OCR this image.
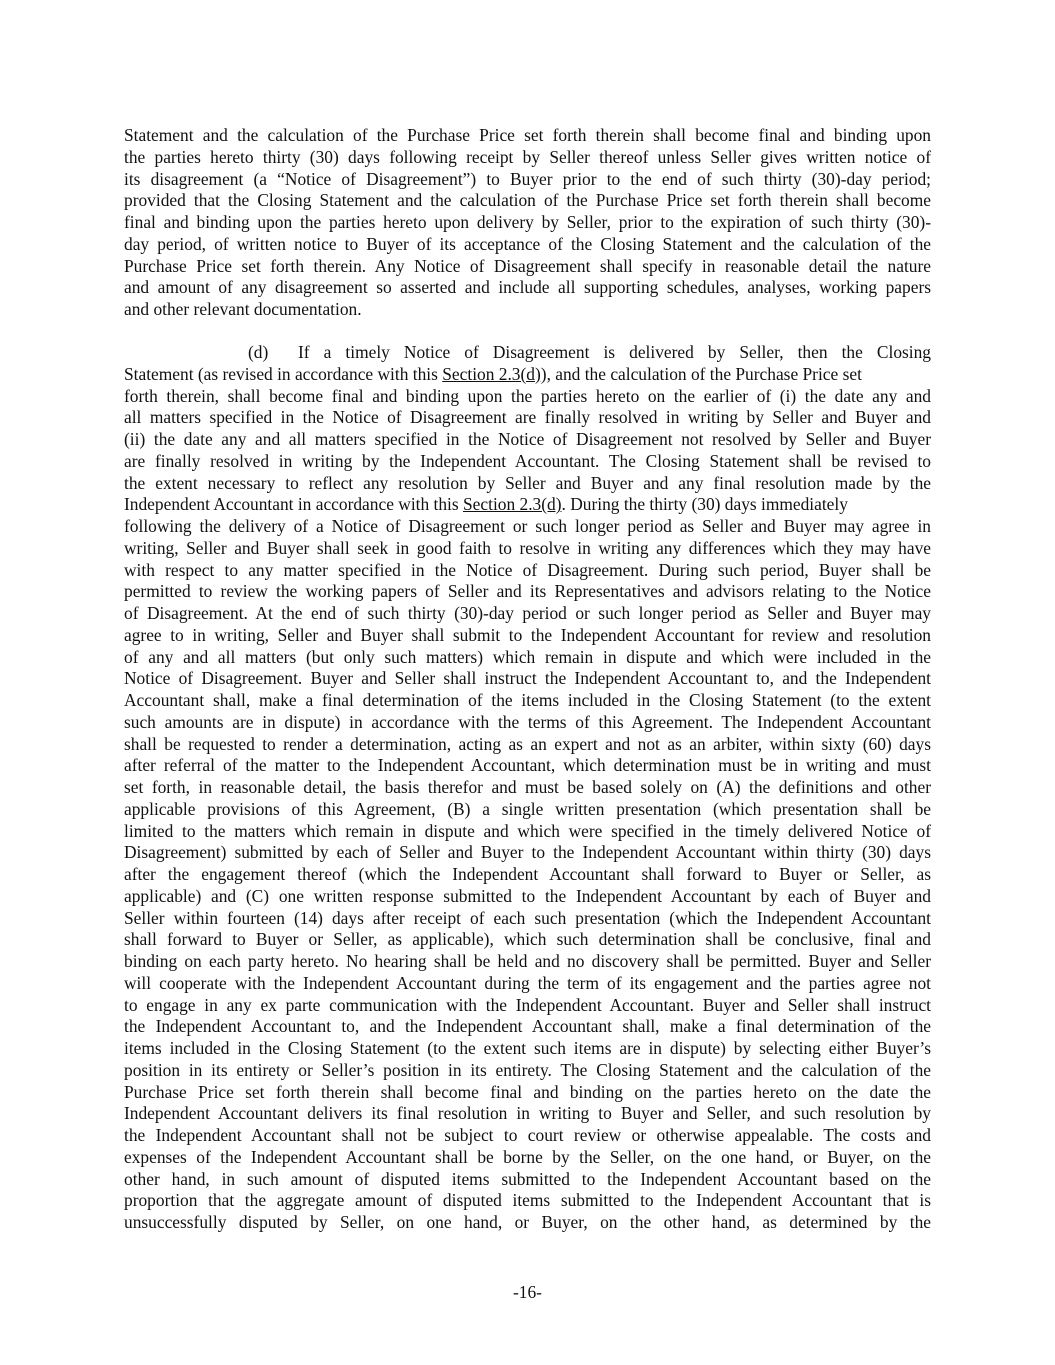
Statement and the calculation of the Purchase Price set forth therein shall become final and binding upon
the parties hereto thirty (30) days following receipt by Seller thereof unless Seller gives written notice of
its disagreement (a “Notice of Disagreement”) to Buyer prior to the end of such thirty (30)-day period;
provided that the Closing Statement and the calculation of the Purchase Price set forth therein shall become
final and binding upon the parties hereto upon delivery by Seller, prior to the expiration of such thirty (30)-
day period, of written notice to Buyer of its acceptance of the Closing Statement and the calculation of the
Purchase Price set forth therein. Any Notice of Disagreement shall specify in reasonable detail the nature
and amount of any disagreement so asserted and include all supporting schedules, analyses, working papers
and other relevant documentation.
(d)	If a timely Notice of Disagreement is delivered by Seller, then the Closing
Statement (as revised in accordance with this Section 2.3(d) ), and the calculation of the Purchase Price set
forth therein, shall become final and binding upon the parties hereto on the earlier of (i) the date any and
all matters specified in the Notice of Disagreement are finally resolved in writing by Seller and Buyer and
(ii) the date any and all matters specified in the Notice of Disagreement not resolved by Seller and Buyer
are finally resolved in writing by the Independent Accountant. The Closing Statement shall be revised to
the extent necessary to reflect any resolution by Seller and Buyer and any final resolution made by the
Independent Accountant in accordance with this Section 2.3(d) . During the thirty (30) days immediately
following the delivery of a Notice of Disagreement or such longer period as Seller and Buyer may agree in
writing, Seller and Buyer shall seek in good faith to resolve in writing any differences which they may have
with respect to any matter specified in the Notice of Disagreement. During such period, Buyer shall be
permitted to review the working papers of Seller and its Representatives and advisors relating to the Notice
of Disagreement. At the end of such thirty (30)-day period or such longer period as Seller and Buyer may
agree to in writing, Seller and Buyer shall submit to the Independent Accountant for review and resolution
of any and all matters (but only such matters) which remain in dispute and which were included in the
Notice of Disagreement. Buyer and Seller shall instruct the Independent Accountant to, and the Independent
Accountant shall, make a final determination of the items included in the Closing Statement (to the extent
such amounts are in dispute) in accordance with the terms of this Agreement. The Independent Accountant
shall be requested to render a determination, acting as an expert and not as an arbiter, within sixty (60) days
after referral of the matter to the Independent Accountant, which determination must be in writing and must
set forth, in reasonable detail, the basis therefor and must be based solely on (A) the definitions and other
applicable provisions of this Agreement, (B) a single written presentation (which presentation shall be
limited to the matters which remain in dispute and which were specified in the timely delivered Notice of
Disagreement) submitted by each of Seller and Buyer to the Independent Accountant within thirty (30) days
after the engagement thereof (which the Independent Accountant shall forward to Buyer or Seller, as
applicable) and (C) one written response submitted to the Independent Accountant by each of Buyer and
Seller within fourteen (14) days after receipt of each such presentation (which the Independent Accountant
shall forward to Buyer or Seller, as applicable), which such determination shall be conclusive, final and
binding on each party hereto. No hearing shall be held and no discovery shall be permitted. Buyer and Seller
will cooperate with the Independent Accountant during the term of its engagement and the parties agree not
to engage in any ex parte communication with the Independent Accountant. Buyer and Seller shall instruct
the Independent Accountant to, and the Independent Accountant shall, make a final determination of the
items included in the Closing Statement (to the extent such items are in dispute) by selecting either Buyer’s
position in its entirety or Seller’s position in its entirety. The Closing Statement and the calculation of the
Purchase Price set forth therein shall become final and binding on the parties hereto on the date the
Independent Accountant delivers its final resolution in writing to Buyer and Seller, and such resolution by
the Independent Accountant shall not be subject to court review or otherwise appealable. The costs and
expenses of the Independent Accountant shall be borne by the Seller, on the one hand, or Buyer, on the
other hand, in such amount of disputed items submitted to the Independent Accountant based on the
proportion that the aggregate amount of disputed items submitted to the Independent Accountant that is
unsuccessfully disputed by Seller, on one hand, or Buyer, on the other hand, as determined by the
-16-
